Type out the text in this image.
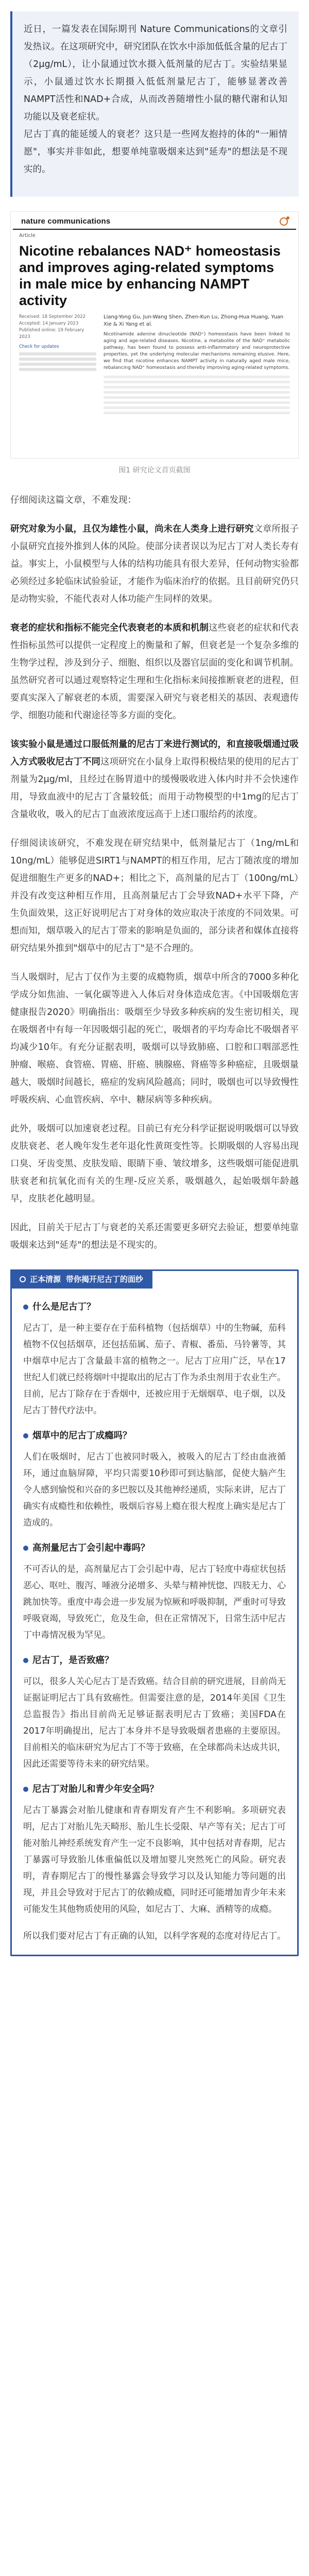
近日，一篇发表在国际期刊 Nature Communications的文章引发热议。在这项研究中，研究团队在饮水中添加低低含量的尼古丁（2μg/mL），让小鼠通过饮水摄入低剂量的尼古丁。实验结果显示，小鼠通过饮水长期摄入低低剂量尼古丁，能够显著改善NAMPT活性和NAD+合成，从而改善随增性小鼠的糖代谢和认知功能以及衰老症状。
尼古丁真的能延缓人的衰老？这只是一些网友抱持的体的"一厢情愿"，事实并非如此，想要单纯靠吸烟来达到"延寿"的想法是不现实的。

nature communications
Article
Nicotine rebalances NAD⁺ homeostasis and improves aging-related symptoms in male mice by enhancing NAMPT activity
Received: 18 September 2022
Accepted: 14 January 2023
Published online: 19 February 2023
Check for updates
Liang-Yong Gu, Jun-Wang Shen, Zhen-Kun Lu, Zhong-Hua Huang, Yuan Xie & Xi Yang et al.
Nicotinamide adenine dinucleotide (NAD⁺) homeostasis have been linked to aging and age-related diseases. Nicotine, a metabolite of the NAD⁺ metabolic pathway, has been found to possess anti-inflammatory and neuroprotective properties, yet the underlying molecular mechanisms remaining elusive. Here, we find that nicotine enhances NAMPT activity in naturally aged male mice, rebalancing NAD⁺ homeostasis and thereby improving aging-related symptoms.
图1 研究论文首页截图

仔细阅读这篇文章，不难发现：

研究对象为小鼠，且仅为雄性小鼠，尚未在人类身上进行研究文章所报子小鼠研究直接外推到人体的风险。使部分读者误以为尼古丁对人类长寿有益。事实上，小鼠模型与人体的结构功能具有很大差异，任何动物实验都必须经过多轮临床试验验证，才能作为临床治疗的依据。且目前研究仍只是动物实验，不能代表对人体功能产生同样的效果。

衰老的症状和指标不能完全代表衰老的本质和机制这些衰老的症状和代表性指标虽然可以提供一定程度上的衡量和了解，但衰老是一个复杂多维的生物学过程，涉及到分子、细胞、组织以及器官层面的变化和调节机制。虽然研究者可以通过观察特定生理和生化指标来间接推断衰老的进程，但要真实深入了解衰老的本质，需要深入研究与衰老相关的基因、表观遗传学、细胞功能和代谢途径等多方面的变化。

该实验小鼠是通过口服低剂量的尼古丁来进行测试的，和直接吸烟通过吸入方式吸收尼古丁不同这项研究在小鼠身上取得积极结果的使用的尼古丁剂量为2μg/ml，且经过在肠胃道中的缓慢吸收进入体内时并不会快速作用，导致血液中的尼古丁含量较低；而用于动物模型的中1mg的尼古丁含量收收，吸入的尼古丁血液浓度远高于上述口服给药的浓度。

仔细阅读该研究，不难发现在研究结果中，低剂量尼古丁（1ng/mL和10ng/mL）能够促进SIRT1与NAMPT的相互作用，尼古丁随浓度的增加促进细胞生产更多的NAD+；相比之下，高剂量的尼古丁（100ng/mL）并没有改变这种相互作用，且高剂量尼古丁会导致NAD+水平下降，产生负面效果，这正好说明尼古丁对身体的效应取决于浓度的不同效果。可想而知，烟草吸入的尼古丁带来的影响是负面的，部分读者和媒体直接将研究结果外推到"烟草中的尼古丁"是不合理的。

当人吸烟时，尼古丁仅作为主要的成瘾物质，烟草中所含的7000多种化学成分如焦油、一氧化碳等进入人体后对身体造成危害。《中国吸烟危害健康报告2020》明确指出：吸烟至少导致多种疾病的发生密切相关，现在吸烟者中有每一年因吸烟引起的死亡，吸烟者的平均寿命比不吸烟者平均减少10年。有充分证据表明，吸烟可以导致肺癌、口腔和口咽部恶性肿瘤、喉癌、食管癌、胃癌、肝癌、胰腺癌、肾癌等多种癌症，且吸烟量越大，吸烟时间越长，癌症的发病风险越高；同时，吸烟也可以导致慢性呼吸疾病、心血管疾病、卒中、糖尿病等多种疾病。

此外，吸烟可以加速衰老过程。目前已有充分科学证据说明吸烟可以导致皮肤衰老、老人晚年发生老年退化性黄斑变性等。长期吸烟的人容易出现口臭、牙齿变黑、皮肤发暗、眼睛下垂、皱纹增多，这些吸烟可能促进肌肤衰老和抗氧化而有关的生理-反应关系，吸烟越久，起始吸烟年龄越早，皮肤老化越明显。

因此，目前关于尼古丁与衰老的关系还需要更多研究去验证，想要单纯靠吸烟来达到"延寿"的想法是不现实的。

正本清源 带你揭开尼古丁的面纱
什么是尼古丁？

尼古丁，是一种主要存在于茄科植物（包括烟草）中的生物碱，茄科植物不仅包括烟草，还包括茄属、茄子、青椒、番茄、马铃薯等，其中烟草中尼古丁含量最丰富的植物之一。尼古丁应用广泛，早在17世纪人们就已经将烟叶中提取出的尼古丁作为杀虫剂用于农业生产。目前，尼古丁除存在于香烟中，还被应用于无烟烟草、电子烟，以及尼古丁替代疗法中。

烟草中的尼古丁成瘾吗？

人们在吸烟时，尼古丁也被同时吸入，被吸入的尼古丁经由血液循环，通过血脑屏障，平均只需要10秒即可到达脑部，促使大脑产生令人感到愉悦和兴奋的多巴胺以及其他神经递质，实际来讲，尼古丁确实有成瘾性和依赖性，吸烟后容易上瘾在很大程度上确实是尼古丁造成的。

高剂量尼古丁会引起中毒吗？

不可否认的是，高剂量尼古丁会引起中毒，尼古丁轻度中毒症状包括恶心、呕吐、腹泻、唾液分泌增多、头晕与精神恍惚、四肢无力、心跳加快等。重度中毒会进一步发展为惊厥和呼吸抑制，严重时可导致呼吸衰竭，导致死亡，危及生命，但在正常情况下，日常生活中尼古丁中毒情况极为罕见。

尼古丁，是否致癌？

可以，很多人关心尼古丁是否致癌。结合目前的研究进展，目前尚无证据证明尼古丁具有致癌性。但需要注意的是，2014年美国《卫生总监报告》指出目前尚无足够证据表明尼古丁致癌；美国FDA在2017年明确提出，尼古丁本身并不是导致吸烟者患癌的主要原因。目前相关的临床研究为尼古丁不等于致癌，在全球都尚未达成共识，因此还需要等待未来的研究结果。

尼古丁对胎儿和青少年安全吗？

尼古丁暴露会对胎儿健康和青春期发育产生不利影响。多项研究表明，尼古丁对胎儿先天畸形、胎儿生长受限、早产等有关；尼古丁可能对胎儿神经系统发育产生一定不良影响，其中包括对青春期，尼古丁暴露可导致胎儿体重偏低以及增加婴儿突然死亡的风险。研究表明，青春期尼古丁的慢性暴露会导致学习以及认知能力等问题的出现，并且会导致对于尼古丁的依赖成瘾，同时还可能增加青少年未来可能发生其他物质使用的风险，如尼古丁、大麻、酒精等的成瘾。

所以我们要对尼古丁有正确的认知，以科学客观的态度对待尼古丁。
